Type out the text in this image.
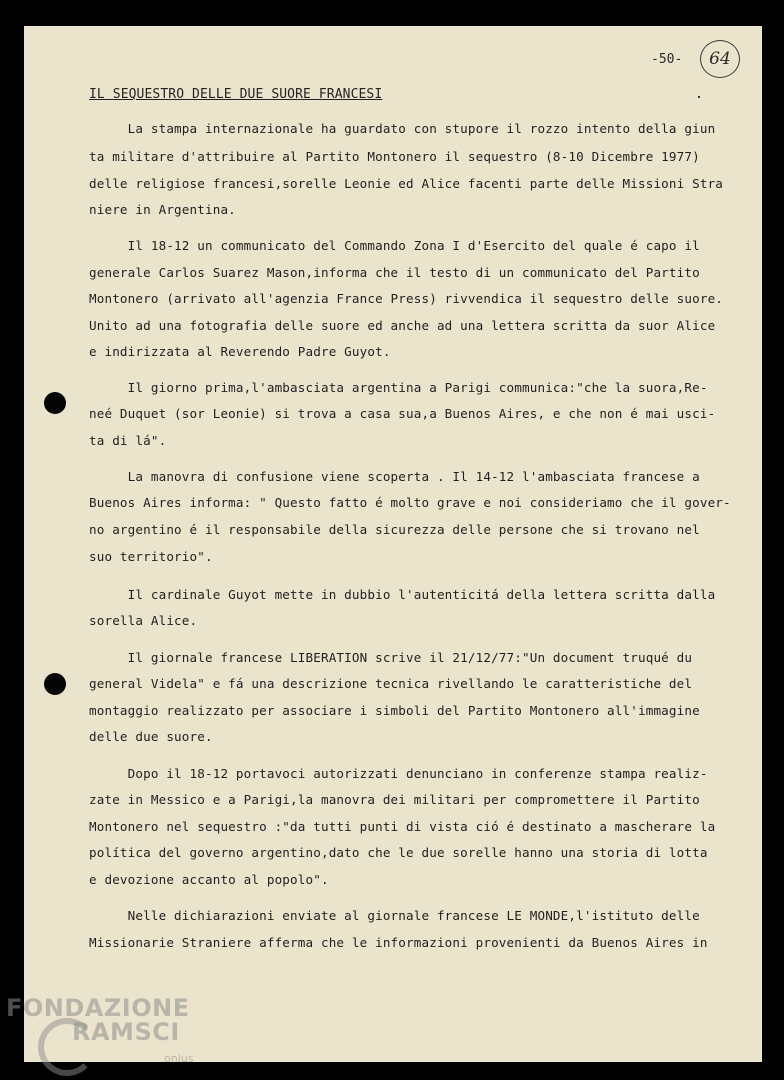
-50-	64
IL SEQUESTRO DELLE DUE SUORE FRANCESI
La stampa internazionale ha guardato con stupore il rozzo intento della giun
ta militare d'attribuire al Partito Montonero il sequestro (8-10 Dicembre 1977)
delle religiose francesi,sorelle Leonie ed Alice facenti parte delle Missioni Stra
niere in Argentina.
Il 18-12 un communicato del Commando Zona I d'Esercito del quale é capo il
generale Carlos Suarez Mason,informa che il testo di un communicato del Partito
Montonero (arrivato all'agenzia France Press) rivvendica il sequestro delle suore.
Unito ad una fotografia delle suore ed anche ad una lettera scritta da suor Alice
e indirizzata al Reverendo Padre Guyot.
Il giorno prima,l'ambasciata argentina a Parigi communica:"che la suora,Re-
neé Duquet (sor Leonie) si trova a casa sua,a Buenos Aires, e che non é mai usci-
ta di lá".
La manovra di confusione viene scoperta . Il 14-12 l'ambasciata francese a
Buenos Aires informa: " Questo fatto é molto grave e noi consideriamo che il gover-
no argentino é il responsabile della sicurezza delle persone che si trovano nel
suo territorio".
Il cardinale Guyot mette in dubbio l'autenticitá della lettera scritta dalla
sorella Alice.
Il giornale francese LIBERATION scrive il 21/12/77:"Un document truqué du
general Videla" e fá una descrizione tecnica rivellando le caratteristiche del
montaggio realizzato per associare i simboli del Partito Montonero all'immagine
delle due suore.
Dopo il 18-12 portavoci autorizzati denunciano in conferenze stampa realiz-
zate in Messico e a Parigi,la manovra dei militari per compromettere il Partito
Montonero nel sequestro :"da tutti punti di vista ció é destinato a mascherare la
política del governo argentino,dato che le due sorelle hanno una storia di lotta
e devozione accanto al popolo".
Nelle dichiarazioni enviate al giornale francese LE MONDE,l'istituto delle
Missionarie Straniere afferma che le informazioni provenienti da Buenos Aires in
FONDAZIONE
RAMSCI
onlus
